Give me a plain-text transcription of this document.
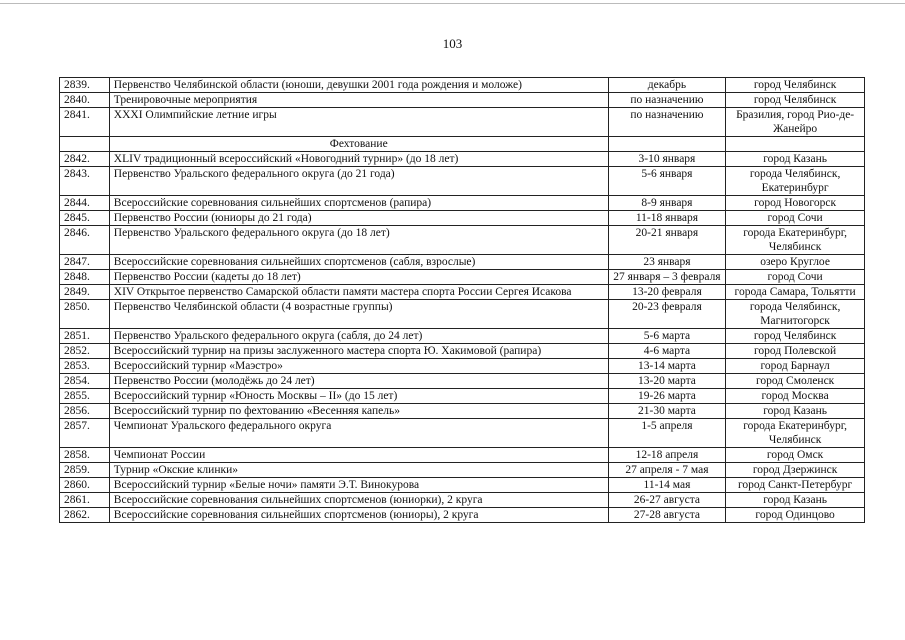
103
2839.	Первенство Челябинской области (юноши, девушки 2001 года рождения и моложе)	декабрь	город Челябинск
2840.	Тренировочные мероприятия	по назначению	город Челябинск
2841.	XXXI Олимпийские летние игры	по назначению	Бразилия, город Рио-де-Жанейро
	Фехтование		
2842.	XLIV традиционный всероссийский «Новогодний турнир» (до 18 лет)	3-10 января	город Казань
2843.	Первенство Уральского федерального округа (до 21 года)	5-6 января	города Челябинск, Екатеринбург
2844.	Всероссийские соревнования сильнейших спортсменов (рапира)	8-9 января	город Новогорск
2845.	Первенство России (юниоры до 21 года)	11-18 января	город Сочи
2846.	Первенство Уральского федерального округа (до 18 лет)	20-21 января	города Екатеринбург, Челябинск
2847.	Всероссийские соревнования сильнейших спортсменов (сабля, взрослые)	23 января	озеро Круглое
2848.	Первенство России (кадеты до 18 лет)	27 января – 3 февраля	город Сочи
2849.	XIV Открытое первенство Самарской области памяти мастера спорта России Сергея Исакова	13-20 февраля	города Самара, Тольятти
2850.	Первенство Челябинской области (4 возрастные группы)	20-23 февраля	города Челябинск, Магнитогорск
2851.	Первенство Уральского федерального округа (сабля, до 24 лет)	5-6 марта	город Челябинск
2852.	Всероссийский турнир на призы заслуженного мастера спорта Ю. Хакимовой (рапира)	4-6 марта	город Полевской
2853.	Всероссийский турнир «Маэстро»	13-14 марта	город Барнаул
2854.	Первенство России (молодёжь до 24 лет)	13-20 марта	город Смоленск
2855.	Всероссийский турнир «Юность Москвы – II» (до 15 лет)	19-26 марта	город Москва
2856.	Всероссийский турнир по фехтованию «Весенняя капель»	21-30 марта	город Казань
2857.	Чемпионат Уральского федерального округа	1-5 апреля	города Екатеринбург, Челябинск
2858.	Чемпионат России	12-18 апреля	город Омск
2859.	Турнир «Окские клинки»	27 апреля - 7 мая	город Дзержинск
2860.	Всероссийский турнир «Белые ночи» памяти Э.Т. Винокурова	11-14 мая	город Санкт-Петербург
2861.	Всероссийские соревнования сильнейших спортсменов (юниорки), 2 круга	26-27 августа	город Казань
2862.	Всероссийские соревнования сильнейших спортсменов (юниоры), 2 круга	27-28 августа	город Одинцово
